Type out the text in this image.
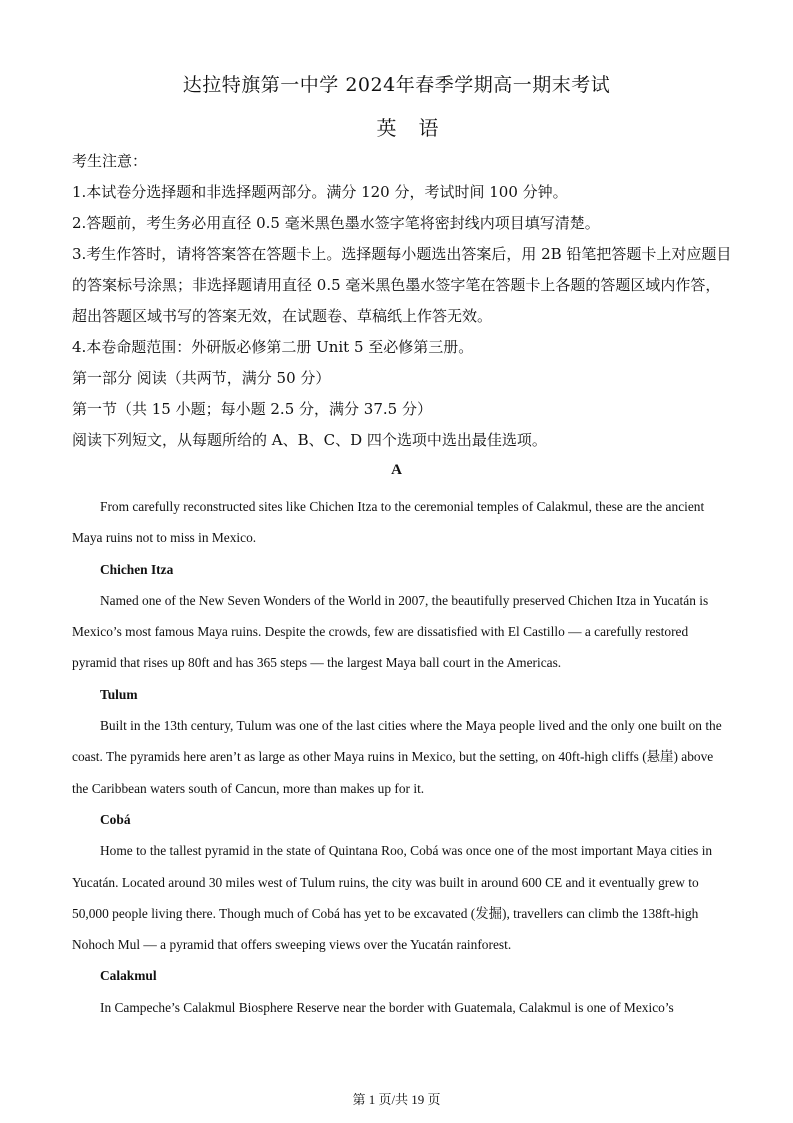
达拉特旗第一中学 2024年春季学期高一期末考试
英语

考生注意：

1.本试卷分选择题和非选择题两部分。满分 120 分，考试时间 100 分钟。

2.答题前，考生务必用直径 0.5 毫米黑色墨水签字笔将密封线内项目填写清楚。

3.考生作答时，请将答案答在答题卡上。选择题每小题选出答案后，用 2B 铅笔把答题卡上对应题目的答案标号涂黑；非选择题请用直径 0.5 毫米黑色墨水签字笔在答题卡上各题的答题区域内作答，超出答题区域书写的答案无效，在试题卷、草稿纸上作答无效。

4.本卷命题范围：外研版必修第二册 Unit 5 至必修第三册。

第一部分 阅读（共两节，满分 50 分）

第一节（共 15 小题；每小题 2.5 分，满分 37.5 分）

阅读下列短文，从每题所给的 A、B、C、D 四个选项中选出最佳选项。

A

From carefully reconstructed sites like Chichen Itza to the ceremonial temples of Calakmul, these are the ancient Maya ruins not to miss in Mexico.

Chichen Itza

Named one of the New Seven Wonders of the World in 2007, the beautifully preserved Chichen Itza in Yucatán is Mexico’s most famous Maya ruins. Despite the crowds, few are dissatisfied with El Castillo — a carefully restored pyramid that rises up 80ft and has 365 steps — the largest Maya ball court in the Americas.

Tulum

Built in the 13th century, Tulum was one of the last cities where the Maya people lived and the only one built on the coast. The pyramids here aren’t as large as other Maya ruins in Mexico, but the setting, on 40ft-high cliffs (悬崖) above the Caribbean waters south of Cancun, more than makes up for it.

Cobá

Home to the tallest pyramid in the state of Quintana Roo, Cobá was once one of the most important Maya cities in Yucatán. Located around 30 miles west of Tulum ruins, the city was built in around 600 CE and it eventually grew to 50,000 people living there. Though much of Cobá has yet to be excavated (发掘), travellers can climb the 138ft-high Nohoch Mul — a pyramid that offers sweeping views over the Yucatán rainforest.

Calakmul

In Campeche’s Calakmul Biosphere Reserve near the border with Guatemala, Calakmul is one of Mexico’s

第 1 页/共 19 页
